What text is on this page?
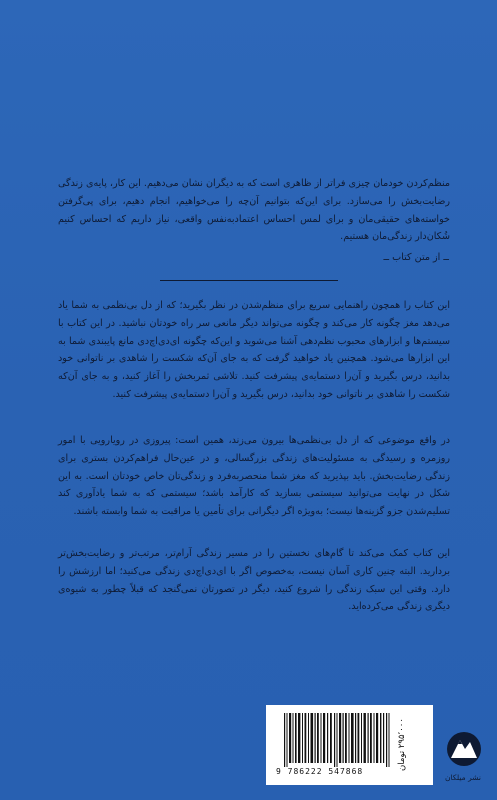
منظم‌کردن خودمان چیزی فراتر از ظاهری است که به دیگران نشان می‌دهیم. این کار، پایه‌ی زندگی رضایت‌بخش را می‌سازد. برای این‌که بتوانیم آن‌چه را می‌خواهیم، انجام دهیم، برای پی‌گرفتن خواسته‌های حقیقی‌مان و برای لمس احساس اعتمادبه‌نفس واقعی، نیاز داریم که احساس کنیم شُکان‌دار زندگی‌مان هستیم.

ــ از متن کتاب ــ

این کتاب را همچون راهنمایی سریع برای منظم‌شدن در نظر بگیرید؛ که از دل بی‌نظمی به شما یاد می‌دهد مغز چگونه کار می‌کند و چگونه می‌تواند دیگر مانعی سر راه خودتان نباشید. در این کتاب با سیستم‌ها و ابزارهای محبوب نظم‌دهی آشنا می‌شوید و این‌که چگونه ای‌دی‌اچ‌دی مانع پایبندی شما به این ابزارها می‌شود. همچنین یاد خواهید گرفت که به جای آن‌که شکست را شاهدی بر ناتوانی خود بدانید، درس بگیرید و آن‌را دستمایه‌ی پیشرفت کنید. تلاشی ثمربخش را آغاز کنید، و به جای آن‌که شکست را شاهدی بر ناتوانی خود بدانید، درس بگیرید و آن‌را دستمایه‌ی پیشرفت کنید.

در واقع موضوعی که از دل بی‌نظمی‌ها بیرون می‌زند، همین است: پیروزی در رویارویی با امور روزمره و رسیدگی به مسئولیت‌های زندگی بزرگسالی، و در عین‌حال فراهم‌کردن بستری برای زندگی رضایت‌بخش. باید بپذیرید که مغز شما منحصربه‌فرد و زندگی‌تان خاص خودتان است. به این شکل در نهایت می‌توانید سیستمی بسازید که کارآمد باشد؛ سیستمی که به شما یادآوری کند تسلیم‌شدن جزو گزینه‌ها نیست؛ به‌ویژه اگر دیگرانی برای تأمین یا مراقبت به شما وابسته باشند.

این کتاب کمک می‌کند تا گام‌های نخستین را در مسیر زندگی آرام‌تر، مرتب‌تر و رضایت‌بخش‌تر بردارید. البته چنین کاری آسان نیست، به‌خصوص اگر با ای‌دی‌اچ‌دی زندگی می‌کنید؛ اما ارزشش را دارد. وقتی این سبک زندگی را شروع کنید، دیگر در تصورتان نمی‌گنجد که قبلاً چطور به شیوه‌ی دیگری زندگی می‌کرده‌اید.

9 786222 547868
۲۹۵٬۰۰۰ تومان
نشر میلکان
